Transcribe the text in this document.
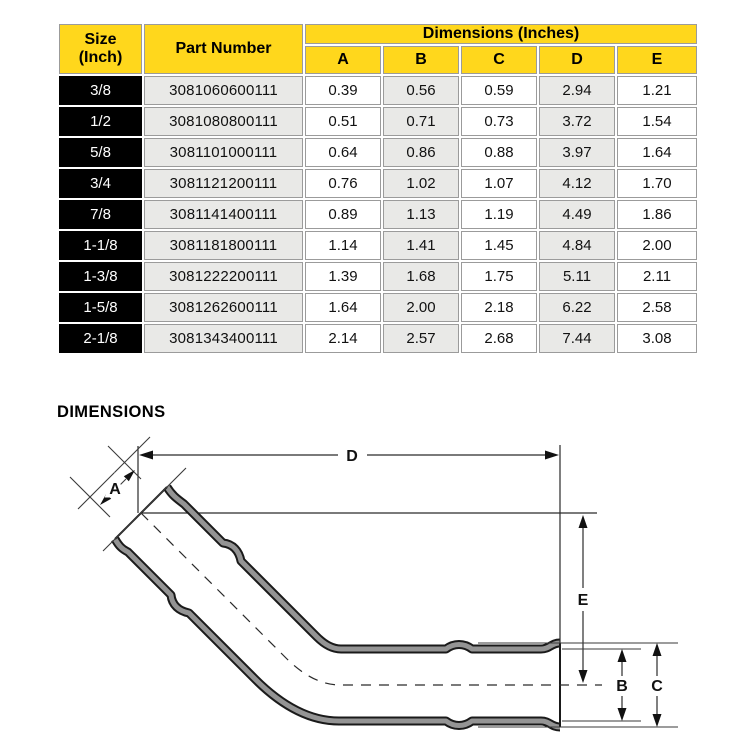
Size
(Inch)	Part Number	Dimensions (Inches)				
		A	B	C	D	E
3/8	3081060600111	0.39	0.56	0.59	2.94	1.21
1/2	3081080800111	0.51	0.71	0.73	3.72	1.54
5/8	3081101000111	0.64	0.86	0.88	3.97	1.64
3/4	3081121200111	0.76	1.02	1.07	4.12	1.70
7/8	3081141400111	0.89	1.13	1.19	4.49	1.86
1-1/8	3081181800111	1.14	1.41	1.45	4.84	2.00
1-3/8	3081222200111	1.39	1.68	1.75	5.11	2.11
1-5/8	3081262600111	1.64	2.00	2.18	6.22	2.58
2-1/8	3081343400111	2.14	2.57	2.68	7.44	3.08
DIMENSIONS
D
E
B C
A
